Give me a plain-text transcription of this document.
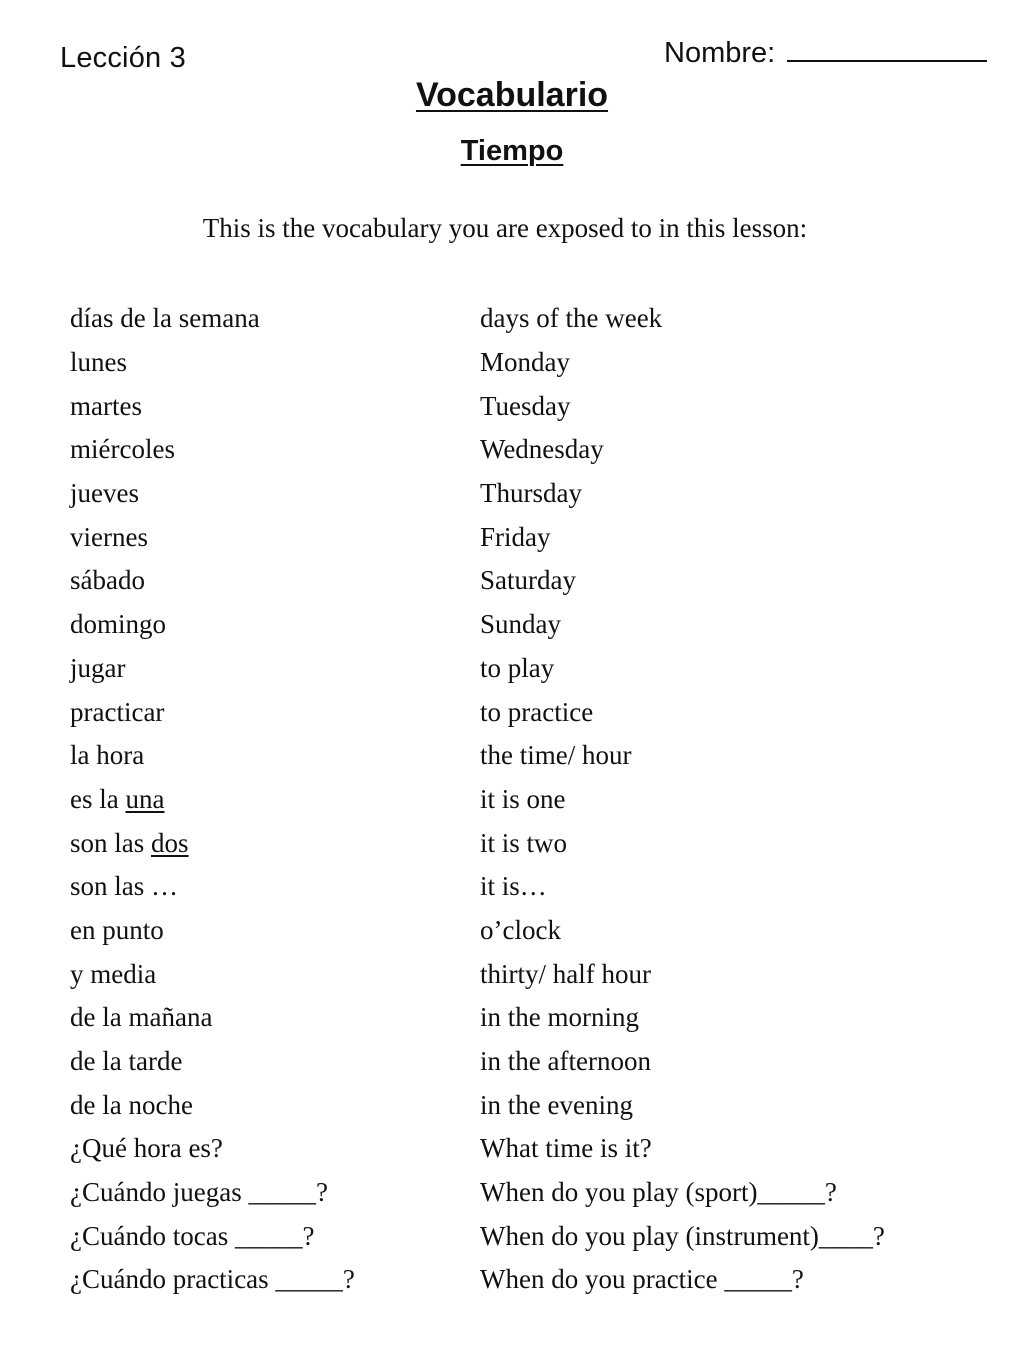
Lección 3	Nombre:
Vocabulario
Tiempo
This is the vocabulary you are exposed to in this lesson:
días de la semana	days of the week
lunes	Monday
martes	Tuesday
miércoles	Wednesday
jueves	Thursday
viernes	Friday
sábado	Saturday
domingo	Sunday
jugar	to play
practicar	to practice
la hora	the time/ hour
es la una	it is one
son las dos	it is two
son las …	it is…
en punto	o’clock
y media	thirty/ half hour
de la mañana	in the morning
de la tarde	in the afternoon
de la noche	in the evening
¿Qué hora es?	What time is it?
¿Cuándo juegas _____?	When do you play (sport)_____?
¿Cuándo tocas _____?	When do you play (instrument)____?
¿Cuándo practicas _____?	When do you practice _____?
